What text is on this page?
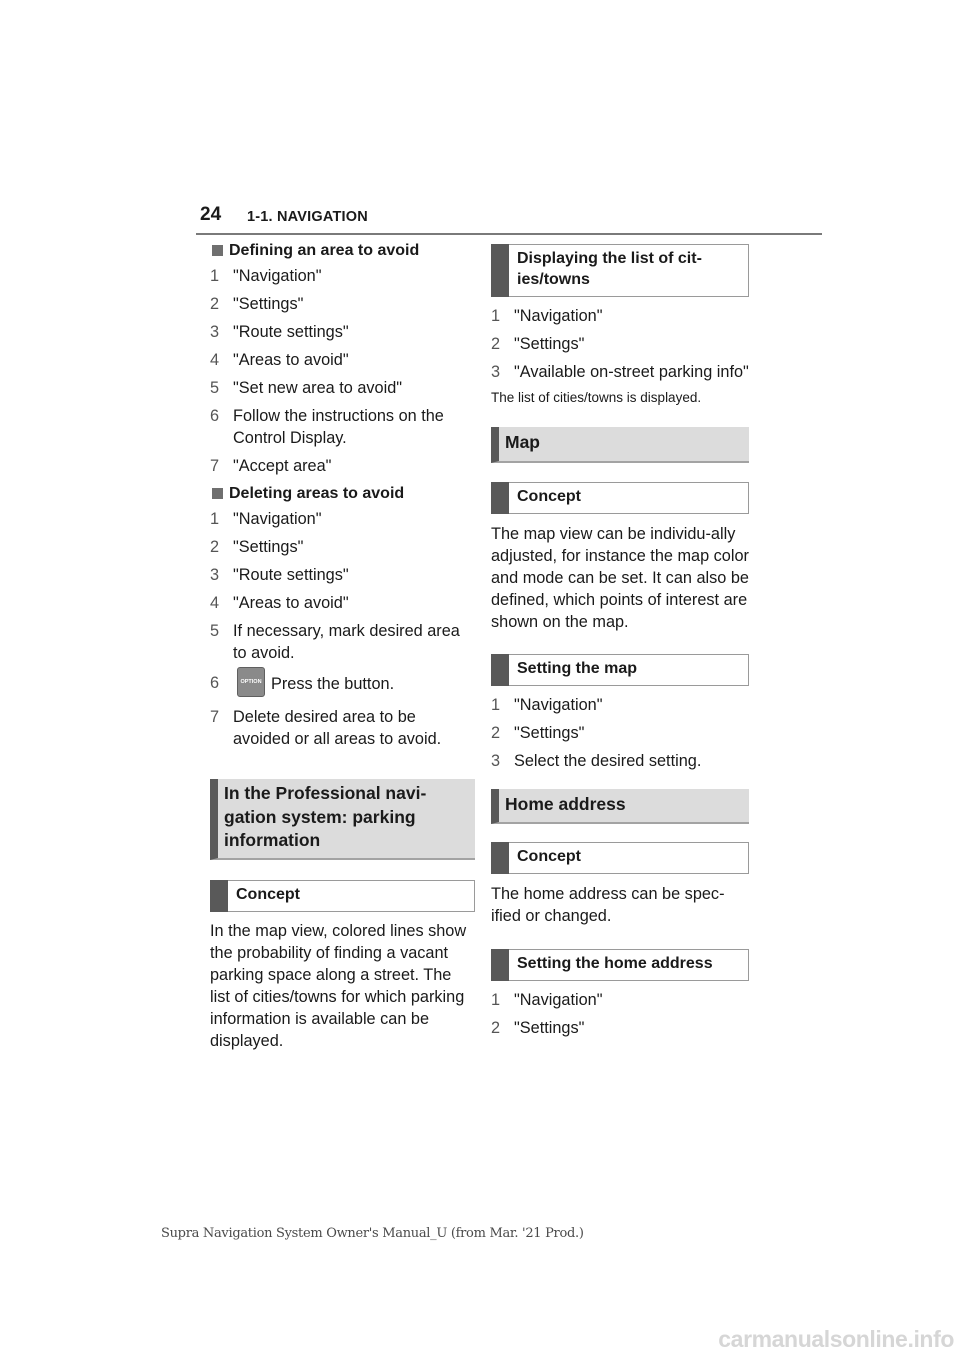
24 1-1. NAVIGATION
Defining an area to avoid
1 "Navigation"
2 "Settings"
3 "Route settings"
4 "Areas to avoid"
5 "Set new area to avoid"
6 Follow the instructions on the Control Display.
7 "Accept area"
Deleting areas to avoid
1 "Navigation"
2 "Settings"
3 "Route settings"
4 "Areas to avoid"
5 If necessary, mark desired area to avoid.
6	OPTION Press the button.
7 Delete desired area to be avoided or all areas to avoid.
In the Professional navi-gation system: parking information
Concept
In the map view, colored lines show the probability of finding a vacant parking space along a street. The list of cities/towns for which parking information is available can be displayed.
Displaying the list of cit-ies/towns
1 "Navigation"
2 "Settings"
3 "Available on-street parking info"
The list of cities/towns is displayed.
Map
Concept
The map view can be individu-ally adjusted, for instance the map color and mode can be set. It can also be defined, which points of interest are shown on the map.
Setting the map
1 "Navigation"
2 "Settings"
3 Select the desired setting.
Home address
Concept
The home address can be spec-ified or changed.
Setting the home address
1 "Navigation"
2 "Settings"
Supra Navigation System Owner's Manual_U (from Mar. '21 Prod.)
carmanualsonline.info
